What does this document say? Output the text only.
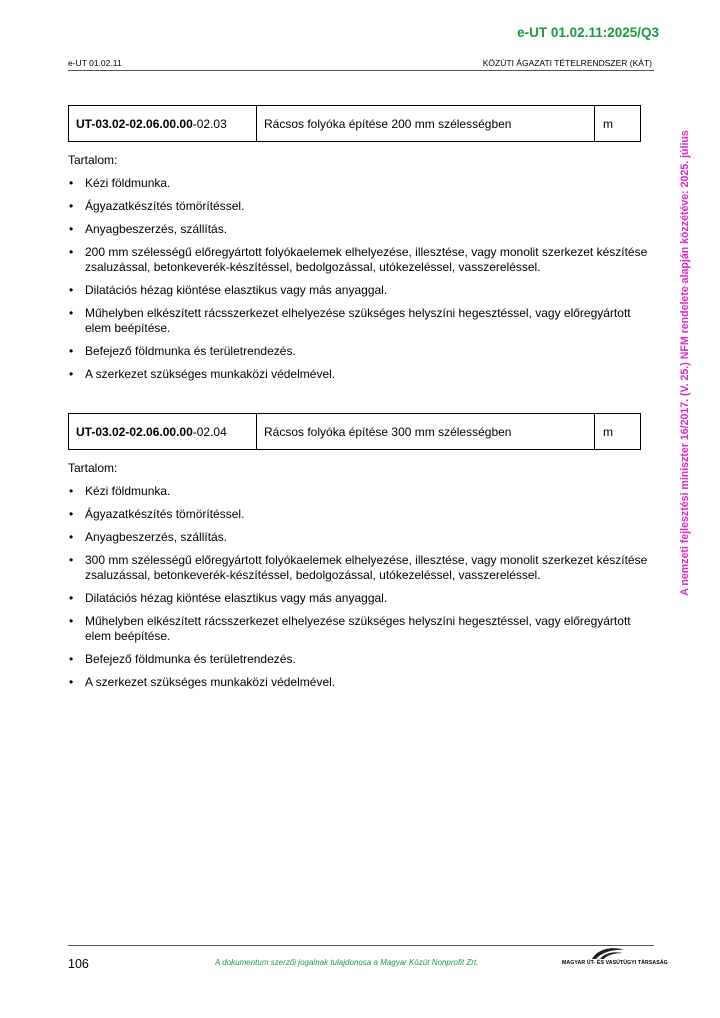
e-UT 01.02.11:2025/Q3
e-UT 01.02.11	KÖZÚTI ÁGAZATI TÉTELRENDSZER (KÁT)
A nemzeti fejlesztési miniszter 16/2017. (V. 25.) NFM rendelete alapján közzétéve: 2025. július
UT-03.02-02.06.00.00 -02.03	Rácsos folyóka építése 200 mm szélességben	m

Tartalom:

• Kézi földmunka.
• Ágyazatkészítés tömörítéssel.
• Anyagbeszerzés, szállítás.
• 200 mm szélességű előregyártott folyókaelemek elhelyezése, illesztése, vagy monolit szerkezet készítése zsaluzással, betonkeverék-készítéssel, bedolgozással, utókezeléssel, vasszereléssel.
• Dilatációs hézag kiöntése elasztikus vagy más anyaggal.
• Műhelyben elkészített rácsszerkezet elhelyezése szükséges helyszíni hegesztéssel, vagy előregyártott elem beépítése.
• Befejező földmunka és területrendezés.
• A szerkezet szükséges munkaközi védelmével.
UT-03.02-02.06.00.00 -02.04	Rácsos folyóka építése 300 mm szélességben	m

Tartalom:

• Kézi földmunka.
• Ágyazatkészítés tömörítéssel.
• Anyagbeszerzés, szállítás.
• 300 mm szélességű előregyártott folyókaelemek elhelyezése, illesztése, vagy monolit szerkezet készítése zsaluzással, betonkeverék-készítéssel, bedolgozással, utókezeléssel, vasszereléssel.
• Dilatációs hézag kiöntése elasztikus vagy más anyaggal.
• Műhelyben elkészített rácsszerkezet elhelyezése szükséges helyszíni hegesztéssel, vagy előregyártott elem beépítése.
• Befejező földmunka és területrendezés.
• A szerkezet szükséges munkaközi védelmével.
106	A dokumentum szerzői jogainak tulajdonosa a Magyar Közút Nonprofit Zrt.	MAGYAR ÚT- ÉS VASÚTÜGYI TÁRSASÁG
